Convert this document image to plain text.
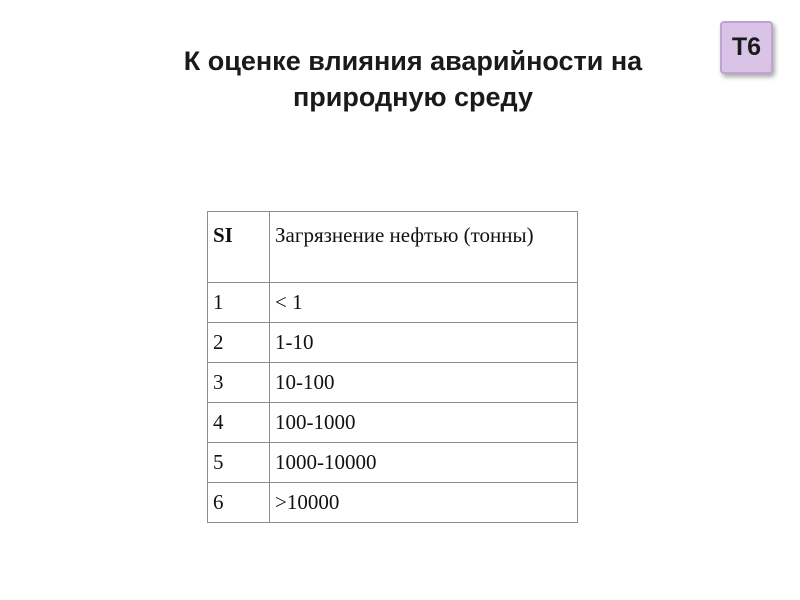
К оценке влияния аварийности на
природную среду
Т6
SI	Загрязнение нефтью (тонны)
1	< 1
2	1-10
3	10-100
4	100-1000
5	1000-10000
6	>10000
